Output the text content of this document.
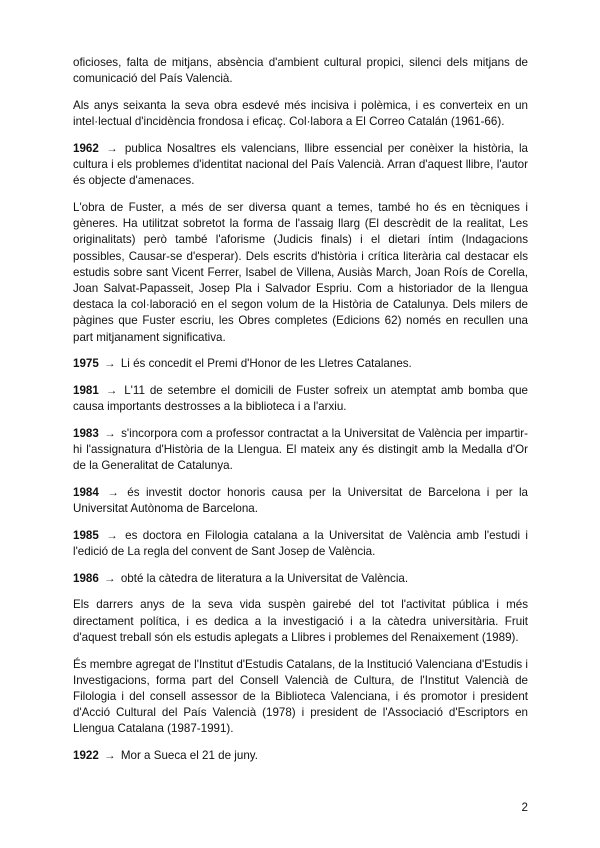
oficioses, falta de mitjans, absència d'ambient cultural propici, silenci dels mitjans de comunicació del País Valencià.

Als anys seixanta la seva obra esdevé més incisiva i polèmica, i es converteix en un intel·lectual d'incidència frondosa i eficaç. Col·labora a El Correo Catalán (1961-66).

1962 → publica Nosaltres els valencians, llibre essencial per conèixer la història, la cultura i els problemes d'identitat nacional del País Valencià. Arran d'aquest llibre, l'autor és objecte d'amenaces.

L'obra de Fuster, a més de ser diversa quant a temes, també ho és en tècniques i gèneres. Ha utilitzat sobretot la forma de l'assaig llarg (El descrèdit de la realitat, Les originalitats) però també l'aforisme (Judicis finals) i el dietari íntim (Indagacions possibles, Causar-se d'esperar). Dels escrits d'història i crítica literària cal destacar els estudis sobre sant Vicent Ferrer, Isabel de Villena, Ausiàs March, Joan Roís de Corella, Joan Salvat-Papasseit, Josep Pla i Salvador Espriu. Com a historiador de la llengua destaca la col·laboració en el segon volum de la Història de Catalunya. Dels milers de pàgines que Fuster escriu, les Obres completes (Edicions 62) només en recullen una part mitjanament significativa.

1975 → Li és concedit el Premi d'Honor de les Lletres Catalanes.

1981 → L'11 de setembre el domicili de Fuster sofreix un atemptat amb bomba que causa importants destrosses a la biblioteca i a l'arxiu.

1983 → s'incorpora com a professor contractat a la Universitat de València per impartir-hi l'assignatura d'Història de la Llengua. El mateix any és distingit amb la Medalla d'Or de la Generalitat de Catalunya.

1984 → és investit doctor honoris causa per la Universitat de Barcelona i per la Universitat Autònoma de Barcelona.

1985 → es doctora en Filologia catalana a la Universitat de València amb l'estudi i l'edició de La regla del convent de Sant Josep de València.

1986 → obté la càtedra de literatura a la Universitat de València.

Els darrers anys de la seva vida suspèn gairebé del tot l'activitat pública i més directament política, i es dedica a la investigació i a la càtedra universitària. Fruit d'aquest treball són els estudis aplegats a Llibres i problemes del Renaixement (1989).

És membre agregat de l'Institut d'Estudis Catalans, de la Institució Valenciana d'Estudis i Investigacions, forma part del Consell Valencià de Cultura, de l'Institut Valencià de Filologia i del consell assessor de la Biblioteca Valenciana, i és promotor i president d'Acció Cultural del País Valencià (1978) i president de l'Associació d'Escriptors en Llengua Catalana (1987-1991).

1922 → Mor a Sueca el 21 de juny.

2
